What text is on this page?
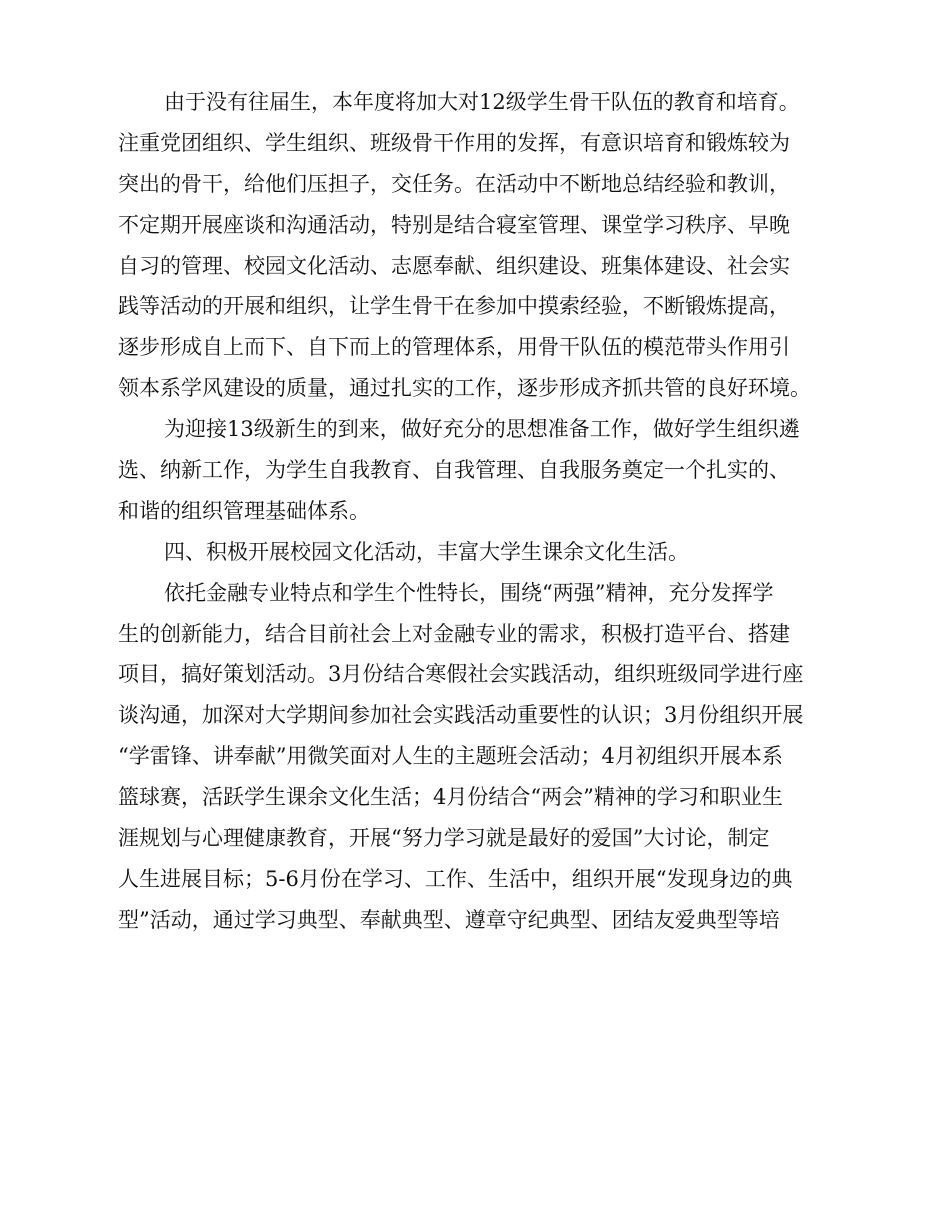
由于没有往届生，本年度将加大对12级学生骨干队伍的教育和培育。
注重党团组织、学生组织、班级骨干作用的发挥，有意识培育和锻炼较为
突出的骨干，给他们压担子，交任务。在活动中不断地总结经验和教训，
不定期开展座谈和沟通活动，特别是结合寝室管理、课堂学习秩序、早晚
自习的管理、校园文化活动、志愿奉献、组织建设、班集体建设、社会实
践等活动的开展和组织，让学生骨干在参加中摸索经验，不断锻炼提高，
逐步形成自上而下、自下而上的管理体系，用骨干队伍的模范带头作用引
领本系学风建设的质量，通过扎实的工作，逐步形成齐抓共管的良好环境。
为迎接13级新生的到来，做好充分的思想准备工作，做好学生组织遴
选、纳新工作，为学生自我教育、自我管理、自我服务奠定一个扎实的、
和谐的组织管理基础体系。
四、积极开展校园文化活动，丰富大学生课余文化生活。
依托金融专业特点和学生个性特长，围绕“两强”精神，充分发挥学
生的创新能力，结合目前社会上对金融专业的需求，积极打造平台、搭建
项目，搞好策划活动。3月份结合寒假社会实践活动，组织班级同学进行座
谈沟通，加深对大学期间参加社会实践活动重要性的认识；3月份组织开展
“学雷锋、讲奉献”用微笑面对人生的主题班会活动；4月初组织开展本系
篮球赛，活跃学生课余文化生活；4月份结合“两会”精神的学习和职业生
涯规划与心理健康教育，开展“努力学习就是最好的爱国”大讨论，制定
人生进展目标；5-6月份在学习、工作、生活中，组织开展“发现身边的典
型”活动，通过学习典型、奉献典型、遵章守纪典型、团结友爱典型等培
